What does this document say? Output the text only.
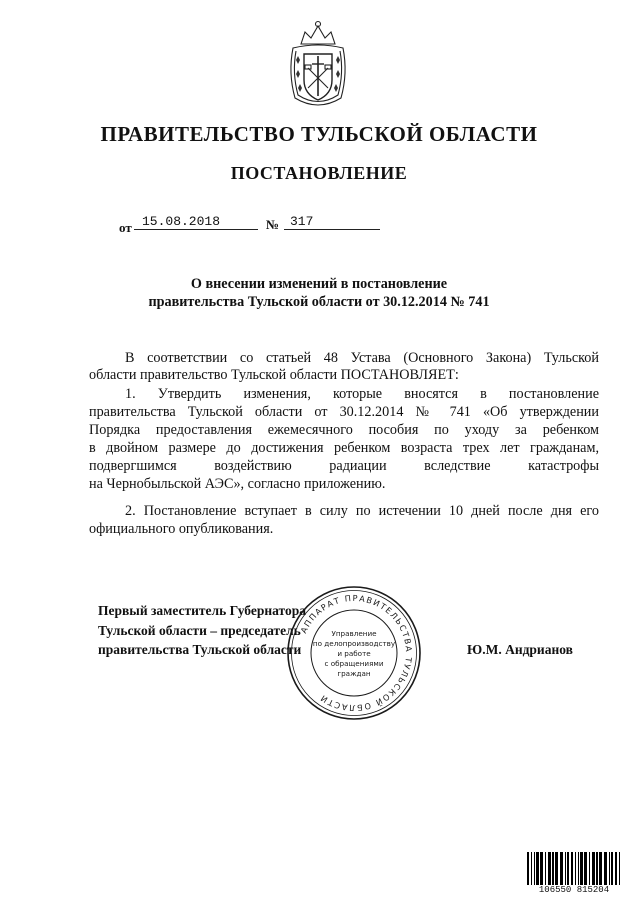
ПРАВИТЕЛЬСТВО ТУЛЬСКОЙ ОБЛАСТИ
ПОСТАНОВЛЕНИЕ
от 15.08.2018	№ 317
О внесении изменений в постановление
правительства Тульской области от 30.12.2014 № 741
В соответствии со статьей 48 Устава (Основного Закона) Тульской
области правительство Тульской области ПОСТАНОВЛЯЕТ:
1. Утвердить изменения, которые вносятся в постановление
правительства Тульской области от 30.12.2014 № 741 «Об утверждении
Порядка предоставления ежемесячного пособия по уходу за ребенком
в двойном размере до достижения ребенком возраста трех лет гражданам,
подвергшимся воздействию радиации вследствие катастрофы
на Чернобыльской АЭС», согласно приложению.
2. Постановление вступает в силу по истечении 10 дней после дня его
официального опубликования.
Первый заместитель Губернатора
Тульской области – председатель
правительства Тульской области	Ю.М. Андрианов
АППАРАТ ПРАВИТЕЛЬСТВА ТУЛЬСКОЙ ОБЛАСТИ
Управление
по делопроизводству
и работе
с обращениями
граждан
106550 815204
